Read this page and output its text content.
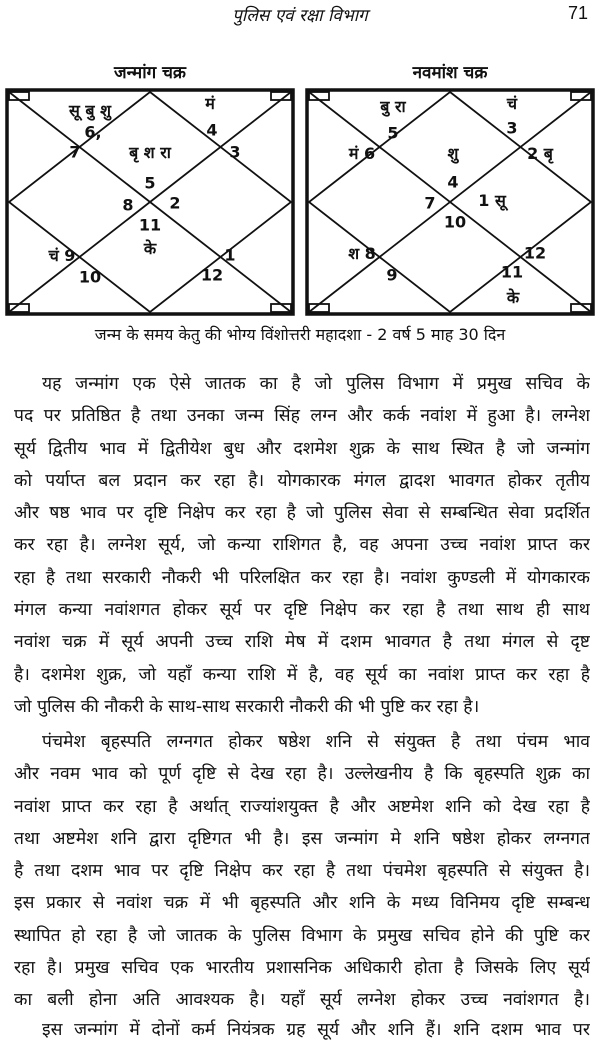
पुलिस एवं रक्षा विभाग	71
जन्मांग चक्र	नवमांश चक्र
सू बु शु
6,
7	बृ श रा
मं
4
3
5
8 2
11
के
चं 9
10
1
12
बु रा
5
मं 6	शु
चं
3
2 बृ
4
7	1 सू
10
श 8
9
12
11
के
जन्म के समय केतु की भोग्य विंशोत्तरी महादशा - 2 वर्ष 5 माह 30 दिन
यह जन्मांग एक ऐसे जातक का है जो पुलिस विभाग में प्रमुख सचिव के
पद पर प्रतिष्ठित है तथा उनका जन्म सिंह लग्न और कर्क नवांश में हुआ है। लग्नेश
सूर्य द्वितीय भाव में द्वितीयेश बुध और दशमेश शुक्र के साथ स्थित है जो जन्मांग
को पर्याप्त बल प्रदान कर रहा है। योगकारक मंगल द्वादश भावगत होकर तृतीय
और षष्ठ भाव पर दृष्टि निक्षेप कर रहा है जो पुलिस सेवा से सम्बन्धित सेवा प्रदर्शित
कर रहा है। लग्नेश सूर्य, जो कन्या राशिगत है, वह अपना उच्च नवांश प्राप्त कर
रहा है तथा सरकारी नौकरी भी परिलक्षित कर रहा है। नवांश कुण्डली में योगकारक
मंगल कन्या नवांशगत होकर सूर्य पर दृष्टि निक्षेप कर रहा है तथा साथ ही साथ
नवांश चक्र में सूर्य अपनी उच्च राशि मेष में दशम भावगत है तथा मंगल से दृष्ट
है। दशमेश शुक्र, जो यहाँ कन्या राशि में है, वह सूर्य का नवांश प्राप्त कर रहा है
जो पुलिस की नौकरी के साथ-साथ सरकारी नौकरी की भी पुष्टि कर रहा है।
पंचमेश बृहस्पति लग्नगत होकर षष्ठेश शनि से संयुक्त है तथा पंचम भाव
और नवम भाव को पूर्ण दृष्टि से देख रहा है। उल्लेखनीय है कि बृहस्पति शुक्र का
नवांश प्राप्त कर रहा है अर्थात् राज्यांशयुक्त है और अष्टमेश शनि को देख रहा है
तथा अष्टमेश शनि द्वारा दृष्टिगत भी है। इस जन्मांग मे शनि षष्ठेश होकर लग्नगत
है तथा दशम भाव पर दृष्टि निक्षेप कर रहा है तथा पंचमेश बृहस्पति से संयुक्त है।
इस प्रकार से नवांश चक्र में भी बृहस्पति और शनि के मध्य विनिमय दृष्टि सम्बन्ध
स्थापित हो रहा है जो जातक के पुलिस विभाग के प्रमुख सचिव होने की पुष्टि कर
रहा है। प्रमुख सचिव एक भारतीय प्रशासनिक अधिकारी होता है जिसके लिए सूर्य
का बली होना अति आवश्यक है। यहाँ सूर्य लग्नेश होकर उच्च नवांशगत है।
इस जन्मांग में दोनों कर्म नियंत्रक ग्रह सूर्य और शनि हैं। शनि दशम भाव पर
